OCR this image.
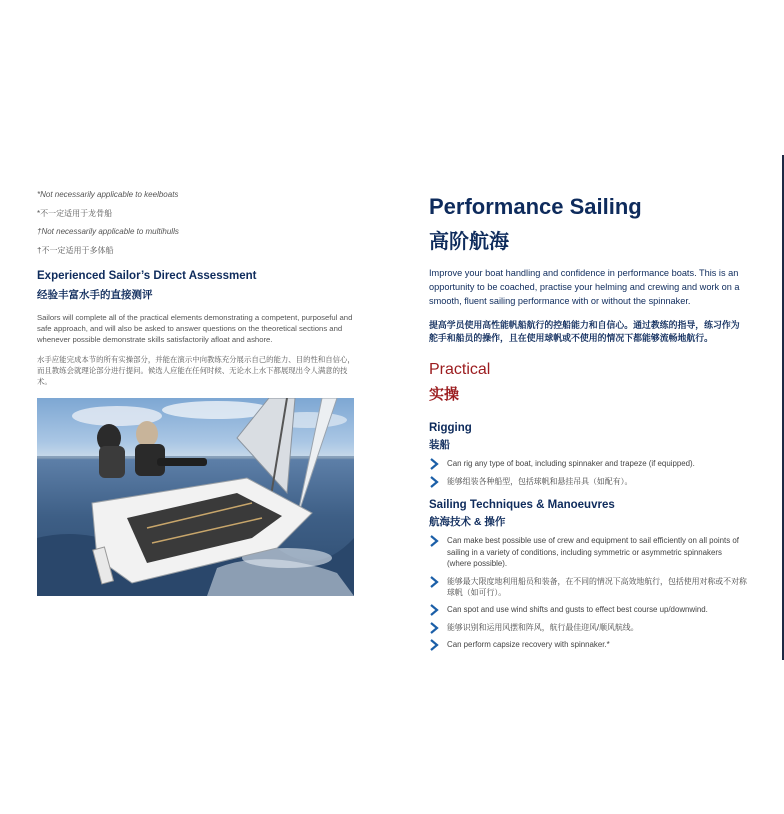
*Not necessarily applicable to keelboats
*不一定适用于龙骨船
†Not necessarily applicable to multihulls
†不一定适用于多体船
Experienced Sailor’s Direct Assessment
经验丰富水手的直接测评
Sailors will complete all of the practical elements demonstrating a competent, purposeful and safe approach, and will also be asked to answer questions on the theoretical sections and whenever possible demonstrate skills satisfactorily afloat and ashore.
水手应能完成本节的所有实操部分，并能在演示中向教练充分展示自己的能力、目的性和自信心，而且教练会就理论部分进行提问。候选人应能在任何时候、无论水上水下都展现出令人满意的技术。
Performance Sailing
高阶航海
Improve your boat handling and confidence in performance boats. This is an opportunity to be coached, practise your helming and crewing and work on a smooth, fluent sailing performance with or without the spinnaker.
提高学员使用高性能帆船航行的控船能力和自信心。通过教练的指导，练习作为舵手和船员的操作，且在使用球帆或不使用的情况下都能够流畅地航行。
Practical
实操
Rigging
装船
Can rig any type of boat, including spinnaker and trapeze (if equipped).
能够组装各种船型，包括球帆和悬挂吊具（如配有）。
Sailing Techniques & Manoeuvres
航海技术 & 操作
Can make best possible use of crew and equipment to sail efficiently on all points of sailing in a variety of conditions, including symmetric or asymmetric spinnakers (where possible).
能够最大限度地利用船员和装备，在不同的情况下高效地航行，包括使用对称或不对称球帆（如可行）。
Can spot and use wind shifts and gusts to effect best course up/downwind.
能够识别和运用风摆和阵风，航行最佳迎风/顺风航线。
Can perform capsize recovery with spinnaker.*
